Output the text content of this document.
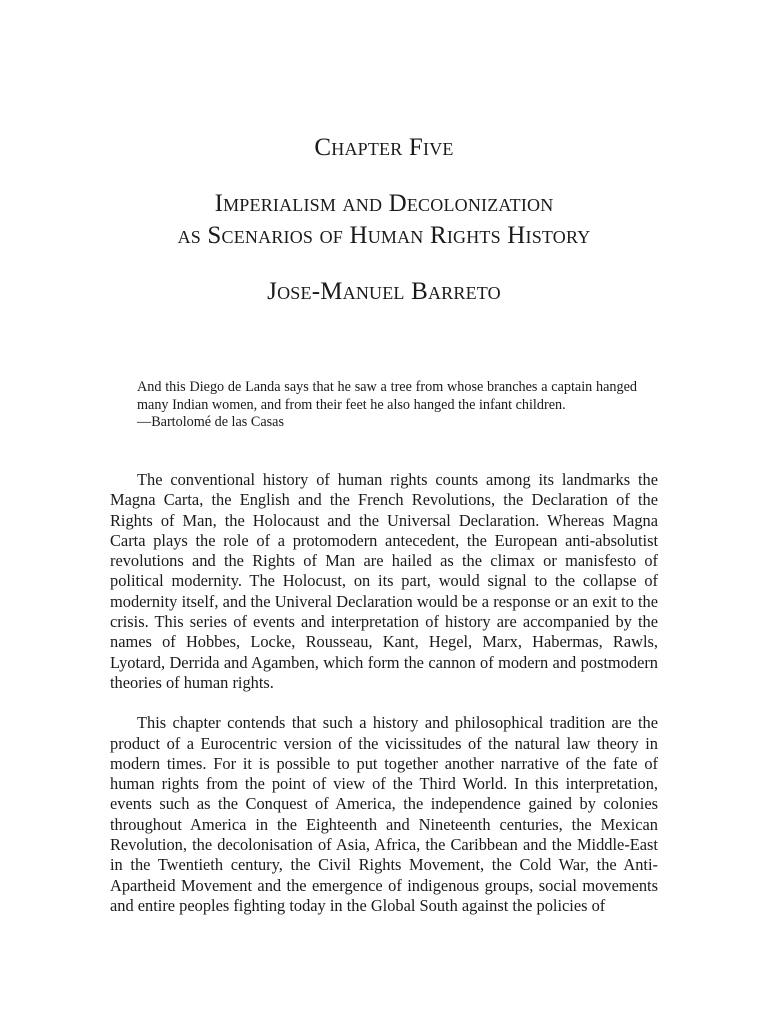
Chapter Five
Imperialism and Decolonization
as Scenarios of Human Rights History
Jose-Manuel Barreto

And this Diego de Landa says that he saw a tree from whose branches a captain hanged many Indian women, and from their feet he also hanged the infant children.

—Bartolomé de las Casas

The conventional history of human rights counts among its landmarks the Magna Carta, the English and the French Revolutions, the Declaration of the Rights of Man, the Holocaust and the Universal Declaration. Whereas Magna Carta plays the role of a protomodern antecedent, the European anti-absolutist revolutions and the Rights of Man are hailed as the climax or manisfesto of political modernity. The Holocust, on its part, would signal to the collapse of modernity itself, and the Univeral Declaration would be a response or an exit to the crisis. This series of events and interpretation of history are accompanied by the names of Hobbes, Locke, Rousseau, Kant, Hegel, Marx, Habermas, Rawls, Lyotard, Derrida and Agamben, which form the cannon of modern and postmodern theories of human rights.

This chapter contends that such a history and philosophical tradition are the product of a Eurocentric version of the vicissitudes of the natural law theory in modern times. For it is possible to put together another narrative of the fate of human rights from the point of view of the Third World. In this interpretation, events such as the Conquest of America, the independence gained by colonies throughout America in the Eighteenth and Nineteenth centuries, the Mexican Revolution, the decolonisation of Asia, Africa, the Caribbean and the Middle-East in the Twentieth century, the Civil Rights Movement, the Cold War, the Anti-Apartheid Movement and the emergence of indigenous groups, social movements and entire peoples fighting today in the Global South against the policies of
